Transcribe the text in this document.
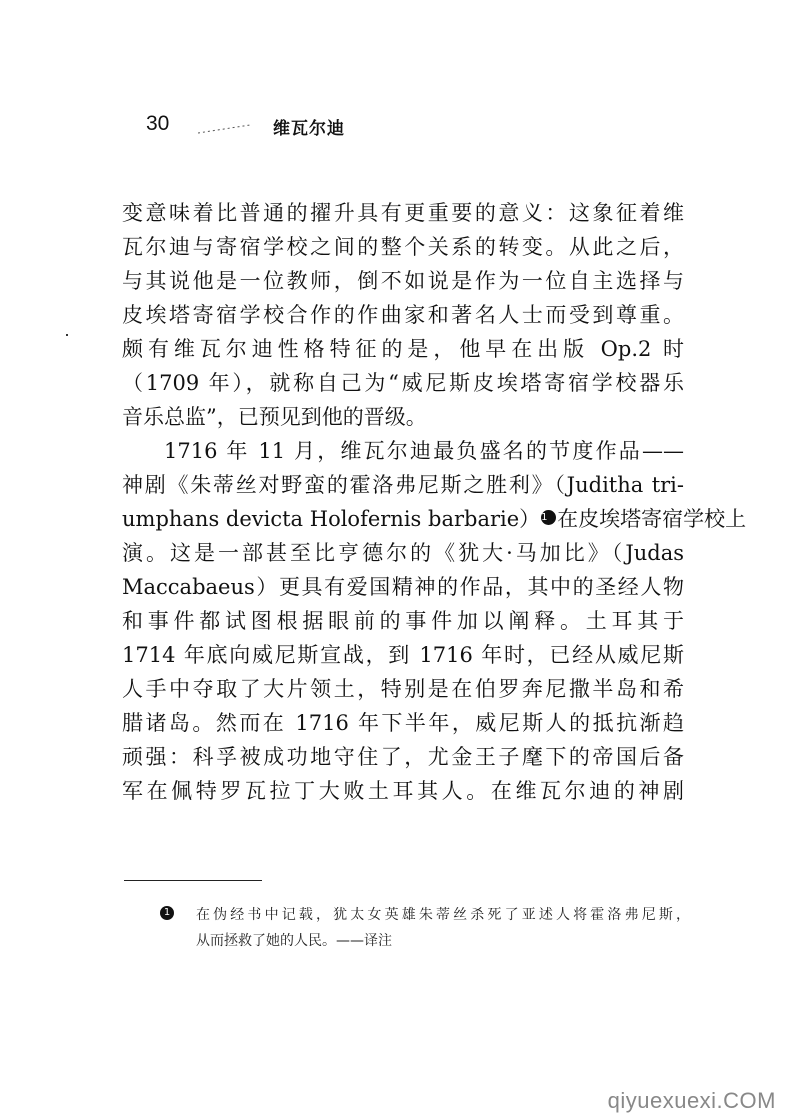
30	维瓦尔迪
变意味着比普通的擢升具有更重要的意义：这象征着维
瓦尔迪与寄宿学校之间的整个关系的转变。从此之后，
与其说他是一位教师，倒不如说是作为一位自主选择与
皮埃塔寄宿学校合作的作曲家和著名人士而受到尊重。
颇有维瓦尔迪性格特征的是，他早在出版 Op.2 时
（1709 年），就称自己为“威尼斯皮埃塔寄宿学校器乐
音乐总监”，已预见到他的晋级。
1716 年 11 月，维瓦尔迪最负盛名的节度作品——
神剧《朱蒂丝对野蛮的霍洛弗尼斯之胜利》（Juditha tri-
umphans devicta Holofernis barbarie）1 在皮埃塔寄宿学校上
演。这是一部甚至比亨德尔的《犹大·马加比》（Judas
Maccabaeus）更具有爱国精神的作品，其中的圣经人物
和事件都试图根据眼前的事件加以阐释。土耳其于
1714 年底向威尼斯宣战，到 1716 年时，已经从威尼斯
人手中夺取了大片领土，特别是在伯罗奔尼撒半岛和希
腊诸岛。然而在 1716 年下半年，威尼斯人的抵抗渐趋
顽强：科孚被成功地守住了，尤金王子麾下的帝国后备
军在佩特罗瓦拉丁大败土耳其人。在维瓦尔迪的神剧
1 在伪经书中记载，犹太女英雄朱蒂丝杀死了亚述人将霍洛弗尼斯，
从而拯救了她的人民。——译注
qiyuexuexi.COM
